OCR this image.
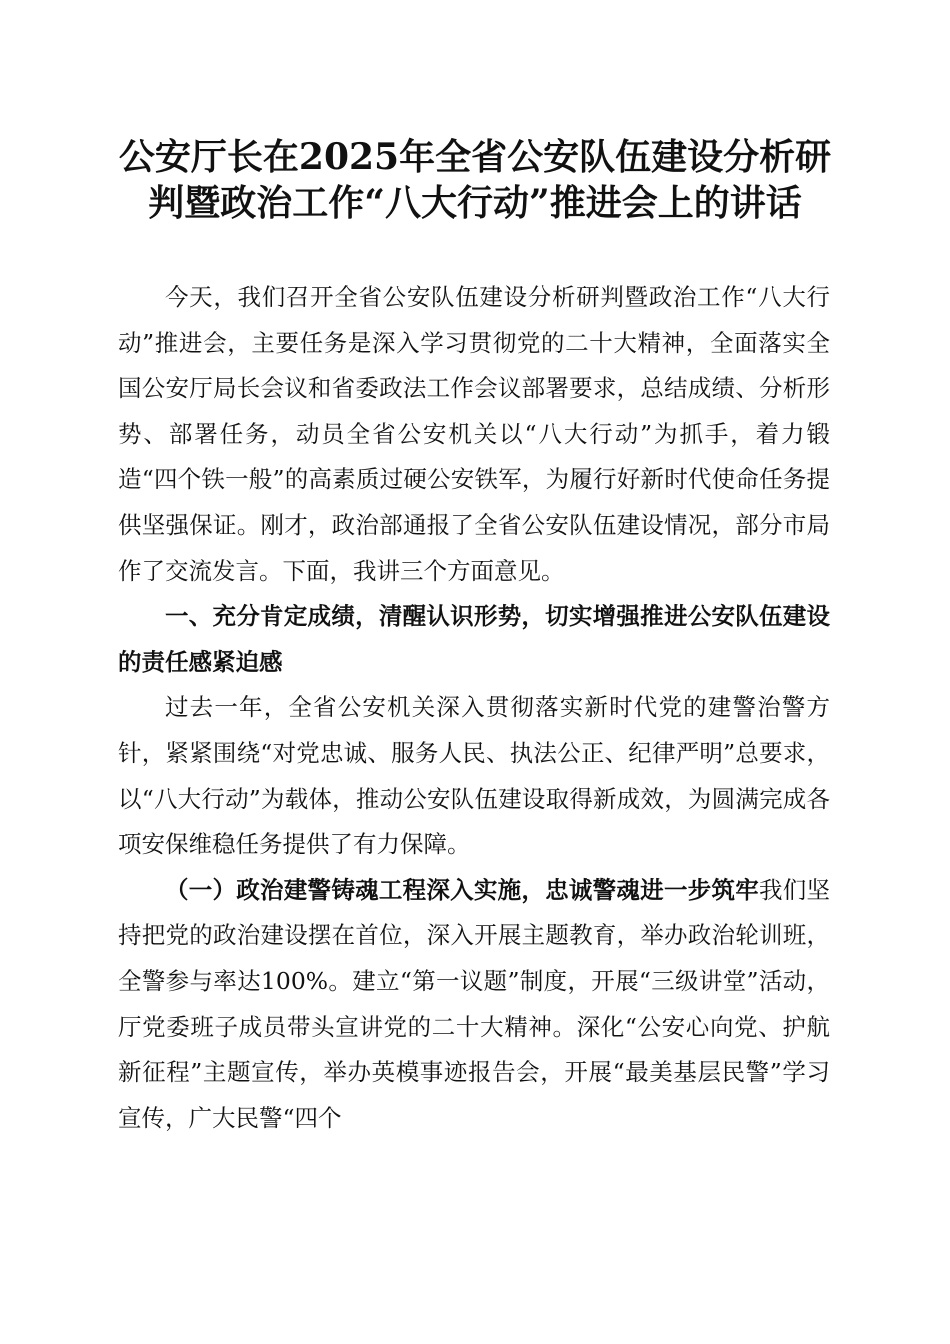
公安厅长在2025年全省公安队伍建设分析研
判暨政治工作“八大行动”推进会上的讲话

今天，我们召开全省公安队伍建设分析研判暨政治工作“八大行动”推进会，主要任务是深入学习贯彻党的二十大精神，全面落实全国公安厅局长会议和省委政法工作会议部署要求，总结成绩、分析形势、部署任务，动员全省公安机关以“八大行动”为抓手，着力锻造“四个铁一般”的高素质过硬公安铁军，为履行好新时代使命任务提供坚强保证。刚才，政治部通报了全省公安队伍建设情况，部分市局作了交流发言。下面，我讲三个方面意见。

一、充分肯定成绩，清醒认识形势，切实增强推进公安队伍建设的责任感紧迫感

过去一年，全省公安机关深入贯彻落实新时代党的建警治警方针，紧紧围绕“对党忠诚、服务人民、执法公正、纪律严明”总要求，以“八大行动”为载体，推动公安队伍建设取得新成效，为圆满完成各项安保维稳任务提供了有力保障。

（一）政治建警铸魂工程深入实施，忠诚警魂进一步筑牢我们坚持把党的政治建设摆在首位，深入开展主题教育，举办政治轮训班，全警参与率达100%。建立“第一议题”制度，开展“三级讲堂”活动，厅党委班子成员带头宣讲党的二十大精神。深化“公安心向党、护航新征程”主题宣传，举办英模事迹报告会，开展“最美基层民警”学习宣传，广大民警“四个
